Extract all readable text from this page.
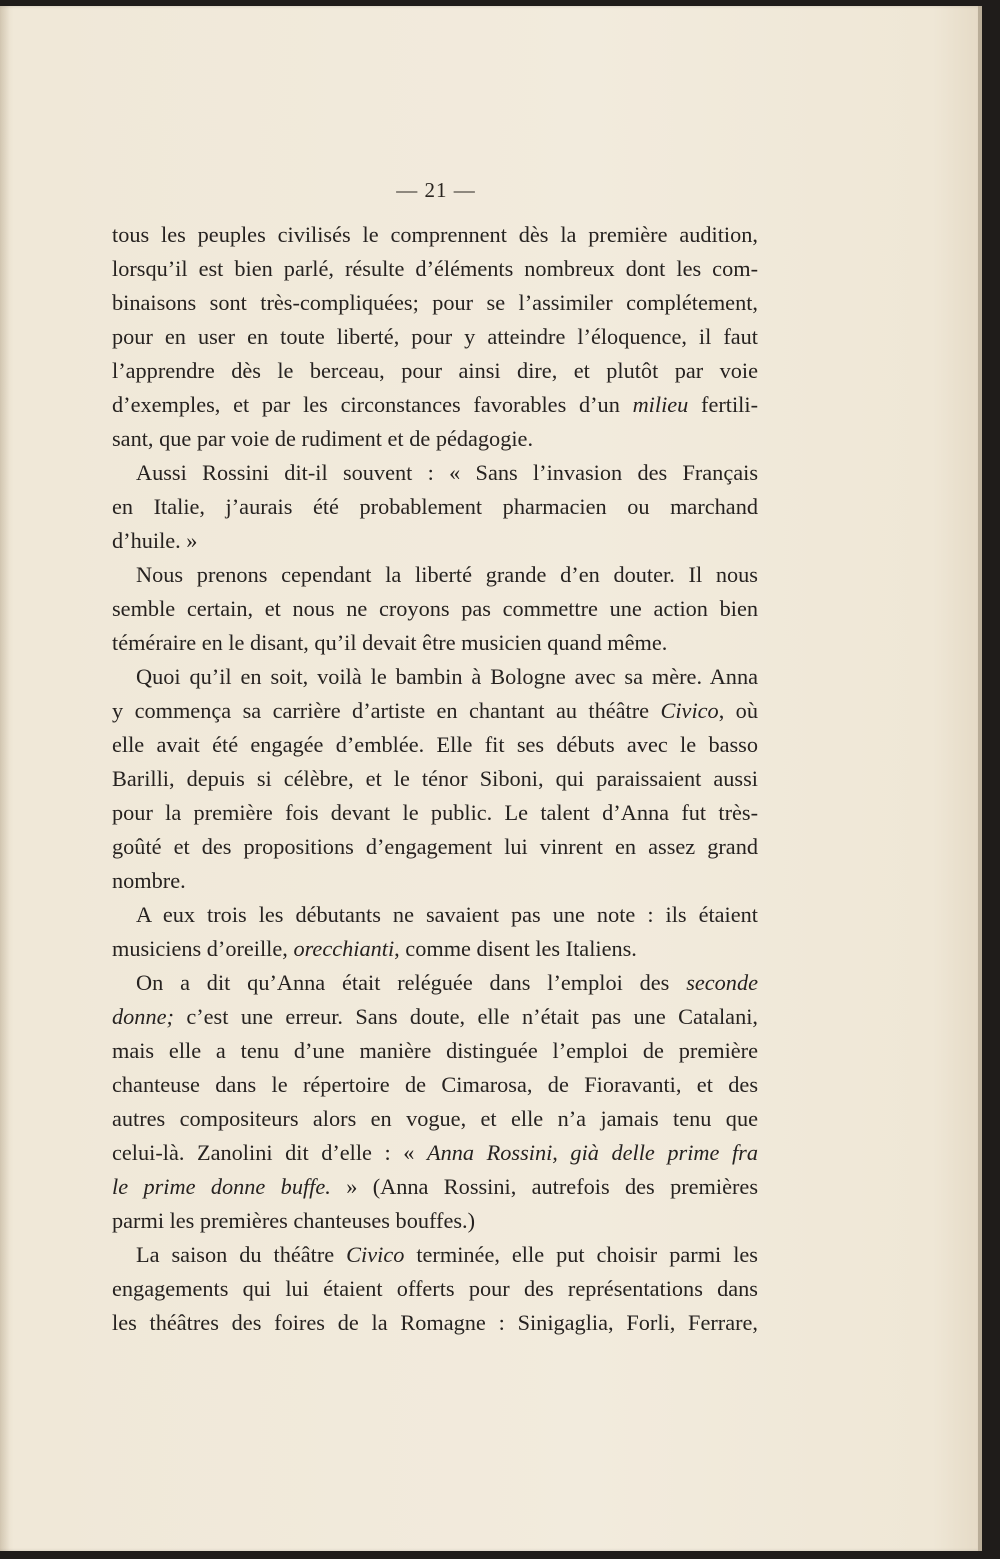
— 21 —
tous les peuples civilisés le comprennent dès la première audition,
lorsqu’il est bien parlé, résulte d’éléments nombreux dont les com-
binaisons sont très-compliquées; pour se l’assimiler complétement,
pour en user en toute liberté, pour y atteindre l’éloquence, il faut
l’apprendre dès le berceau, pour ainsi dire, et plutôt par voie
d’exemples, et par les circonstances favorables d’un milieu fertili-
sant, que par voie de rudiment et de pédagogie.
Aussi Rossini dit-il souvent : « Sans l’invasion des Français
en Italie, j’aurais été probablement pharmacien ou marchand
d’huile. »
Nous prenons cependant la liberté grande d’en douter. Il nous
semble certain, et nous ne croyons pas commettre une action bien
téméraire en le disant, qu’il devait être musicien quand même.
Quoi qu’il en soit, voilà le bambin à Bologne avec sa mère. Anna
y commença sa carrière d’artiste en chantant au théâtre Civico, où
elle avait été engagée d’emblée. Elle fit ses débuts avec le basso
Barilli, depuis si célèbre, et le ténor Siboni, qui paraissaient aussi
pour la première fois devant le public. Le talent d’Anna fut très-
goûté et des propositions d’engagement lui vinrent en assez grand
nombre.
A eux trois les débutants ne savaient pas une note : ils étaient
musiciens d’oreille, orecchianti, comme disent les Italiens.
On a dit qu’Anna était reléguée dans l’emploi des seconde
donne; c’est une erreur. Sans doute, elle n’était pas une Catalani,
mais elle a tenu d’une manière distinguée l’emploi de première
chanteuse dans le répertoire de Cimarosa, de Fioravanti, et des
autres compositeurs alors en vogue, et elle n’a jamais tenu que
celui-là. Zanolini dit d’elle : « Anna Rossini, già delle prime fra
le prime donne buffe. » (Anna Rossini, autrefois des premières
parmi les premières chanteuses bouffes.)
La saison du théâtre Civico terminée, elle put choisir parmi les
engagements qui lui étaient offerts pour des représentations dans
les théâtres des foires de la Romagne : Sinigaglia, Forli, Ferrare,
